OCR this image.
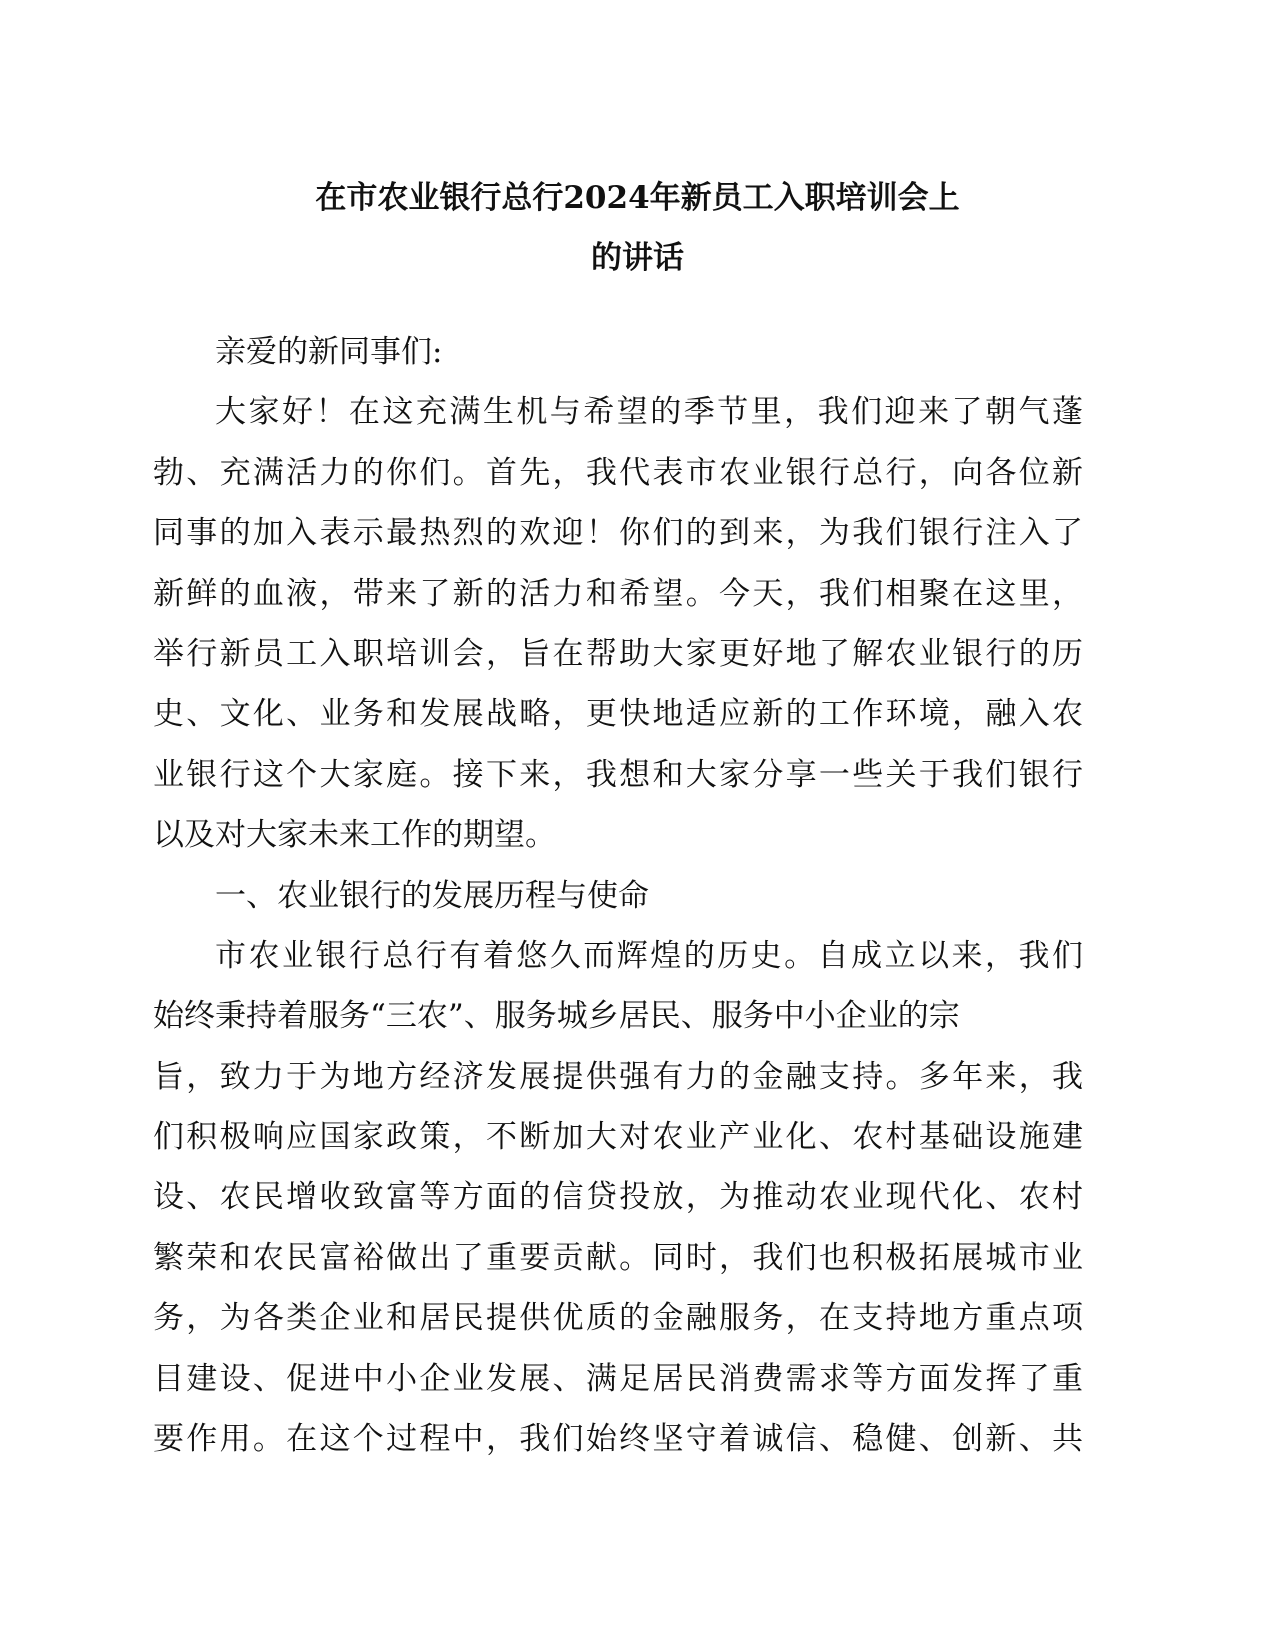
在市农业银行总行2024年新员工入职培训会上
的讲话
亲爱的新同事们:
大家好！在这充满生机与希望的季节里，我们迎来了朝气蓬
勃、充满活力的你们。首先，我代表市农业银行总行，向各位新
同事的加入表示最热烈的欢迎！你们的到来，为我们银行注入了
新鲜的血液，带来了新的活力和希望。今天，我们相聚在这里，
举行新员工入职培训会，旨在帮助大家更好地了解农业银行的历
史、文化、业务和发展战略，更快地适应新的工作环境，融入农
业银行这个大家庭。接下来，我想和大家分享一些关于我们银行
以及对大家未来工作的期望。
一、农业银行的发展历程与使命
市农业银行总行有着悠久而辉煌的历史。自成立以来，我们
始终秉持着服务“三农”、服务城乡居民、服务中小企业的宗
旨，致力于为地方经济发展提供强有力的金融支持。多年来，我
们积极响应国家政策，不断加大对农业产业化、农村基础设施建
设、农民增收致富等方面的信贷投放，为推动农业现代化、农村
繁荣和农民富裕做出了重要贡献。同时，我们也积极拓展城市业
务，为各类企业和居民提供优质的金融服务，在支持地方重点项
目建设、促进中小企业发展、满足居民消费需求等方面发挥了重
要作用。在这个过程中，我们始终坚守着诚信、稳健、创新、共
